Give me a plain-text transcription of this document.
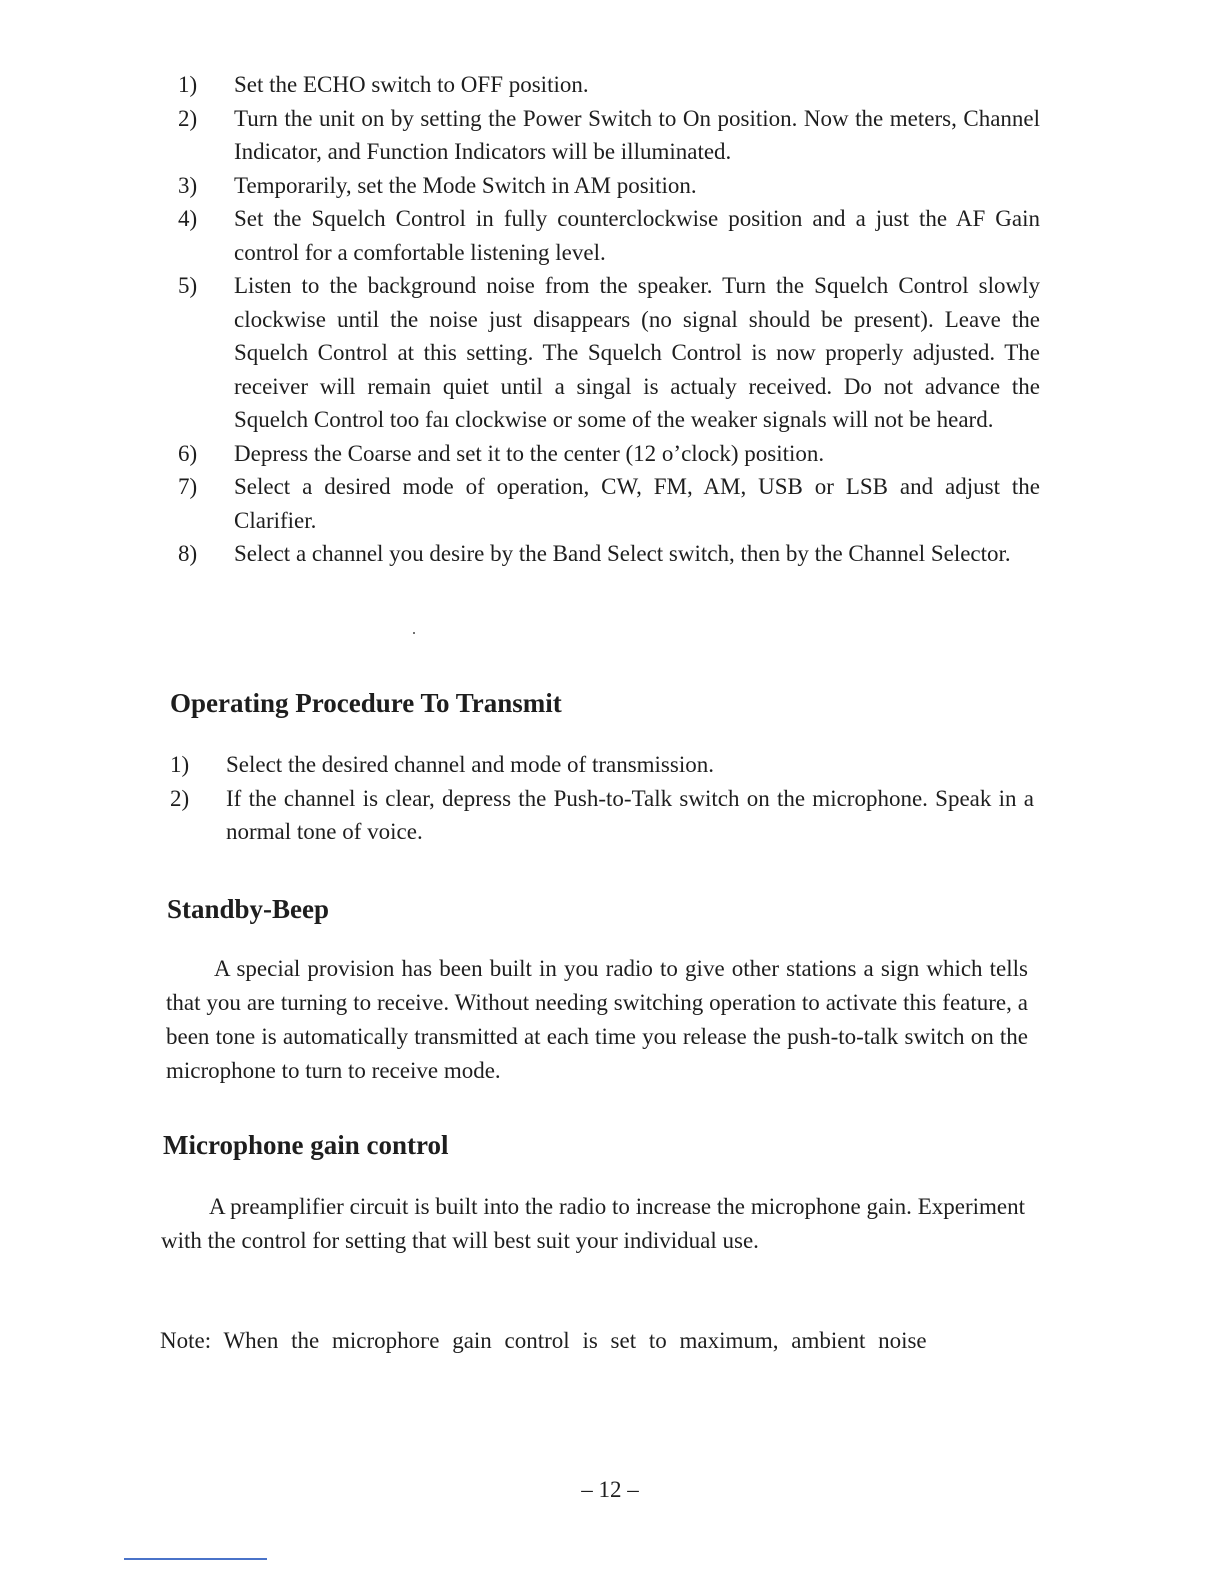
1)	Set the ECHO switch to OFF position.
2)	Turn the unit on by setting the Power Switch to On position. Now the meters, Channel Indicator, and Function Indicators will be illuminated.
3)	Temporarily, set the Mode Switch in AM position.
4)	Set the Squelch Control in fully counterclockwise position and a just the AF Gain control for a comfortable listening level.
5)	Listen to the background noise from the speaker. Turn the Squelch Control slowly clockwise until the noise just disappears (no signal should be present). Leave the Squelch Control at this setting. The Squelch Control is now properly adjusted. The receiver will remain quiet until a singal is actualy received. Do not advance the Squelch Control too faı clockwise or some of the weaker signals will not be heard.
6)	Depress the Coarse and set it to the center (12 o’clock) position.
7)	Select a desired mode of operation, CW, FM, AM, USB or LSB and adjust the Clarifier.
8)	Select a channel you desire by the Band Select switch, then by the Channel Selector.
Operating Procedure To Transmit
1)	Select the desired channel and mode of transmission.
2)	If the channel is clear, depress the Push-to-Talk switch on the microphone. Speak in a normal tone of voice.
Standby-Beep

A special provision has been built in you radio to give other stations a sign which tells that you are turning to receive. Without needing switching operation to activate this feature, a been tone is automatically transmitted at each time you release the push-to-talk switch on the microphone to turn to receive mode.

Microphone gain control

A preamplifier circuit is built into the radio to increase the microphone gain. Experiment with the control for setting that will best suit your individual use.

Note: When the microphoге gain control is set to maximum, ambient noise

– 12 –
